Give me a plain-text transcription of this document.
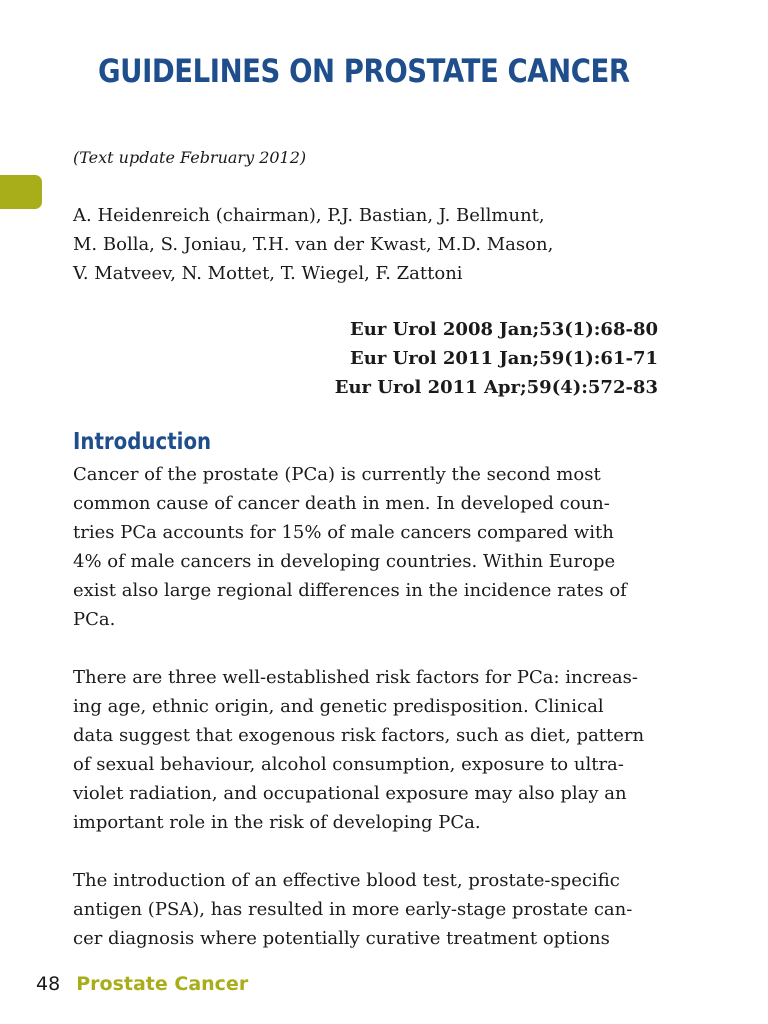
GUIDELINES ON PROSTATE CANCER
(Text update February 2012)
A. Heidenreich (chairman), P.J. Bastian, J. Bellmunt,
M. Bolla, S. Joniau, T.H. van der Kwast, M.D. Mason,
V. Matveev, N. Mottet, T. Wiegel, F. Zattoni
Eur Urol 2008 Jan;53(1):68-80
Eur Urol 2011 Jan;59(1):61-71
Eur Urol 2011 Apr;59(4):572-83
Introduction

Cancer of the prostate (PCa) is currently the second most
common cause of cancer death in men. In developed coun-
tries PCa accounts for 15% of male cancers compared with
4% of male cancers in developing countries. Within Europe
exist also large regional differences in the incidence rates of
PCa.

There are three well-established risk factors for PCa: increas-
ing age, ethnic origin, and genetic predisposition. Clinical
data suggest that exogenous risk factors, such as diet, pattern
of sexual behaviour, alcohol consumption, exposure to ultra-
violet radiation, and occupational exposure may also play an
important role in the risk of developing PCa.

The introduction of an effective blood test, prostate-specific
antigen (PSA), has resulted in more early-stage prostate can-
cer diagnosis where potentially curative treatment options

48 Prostate Cancer
